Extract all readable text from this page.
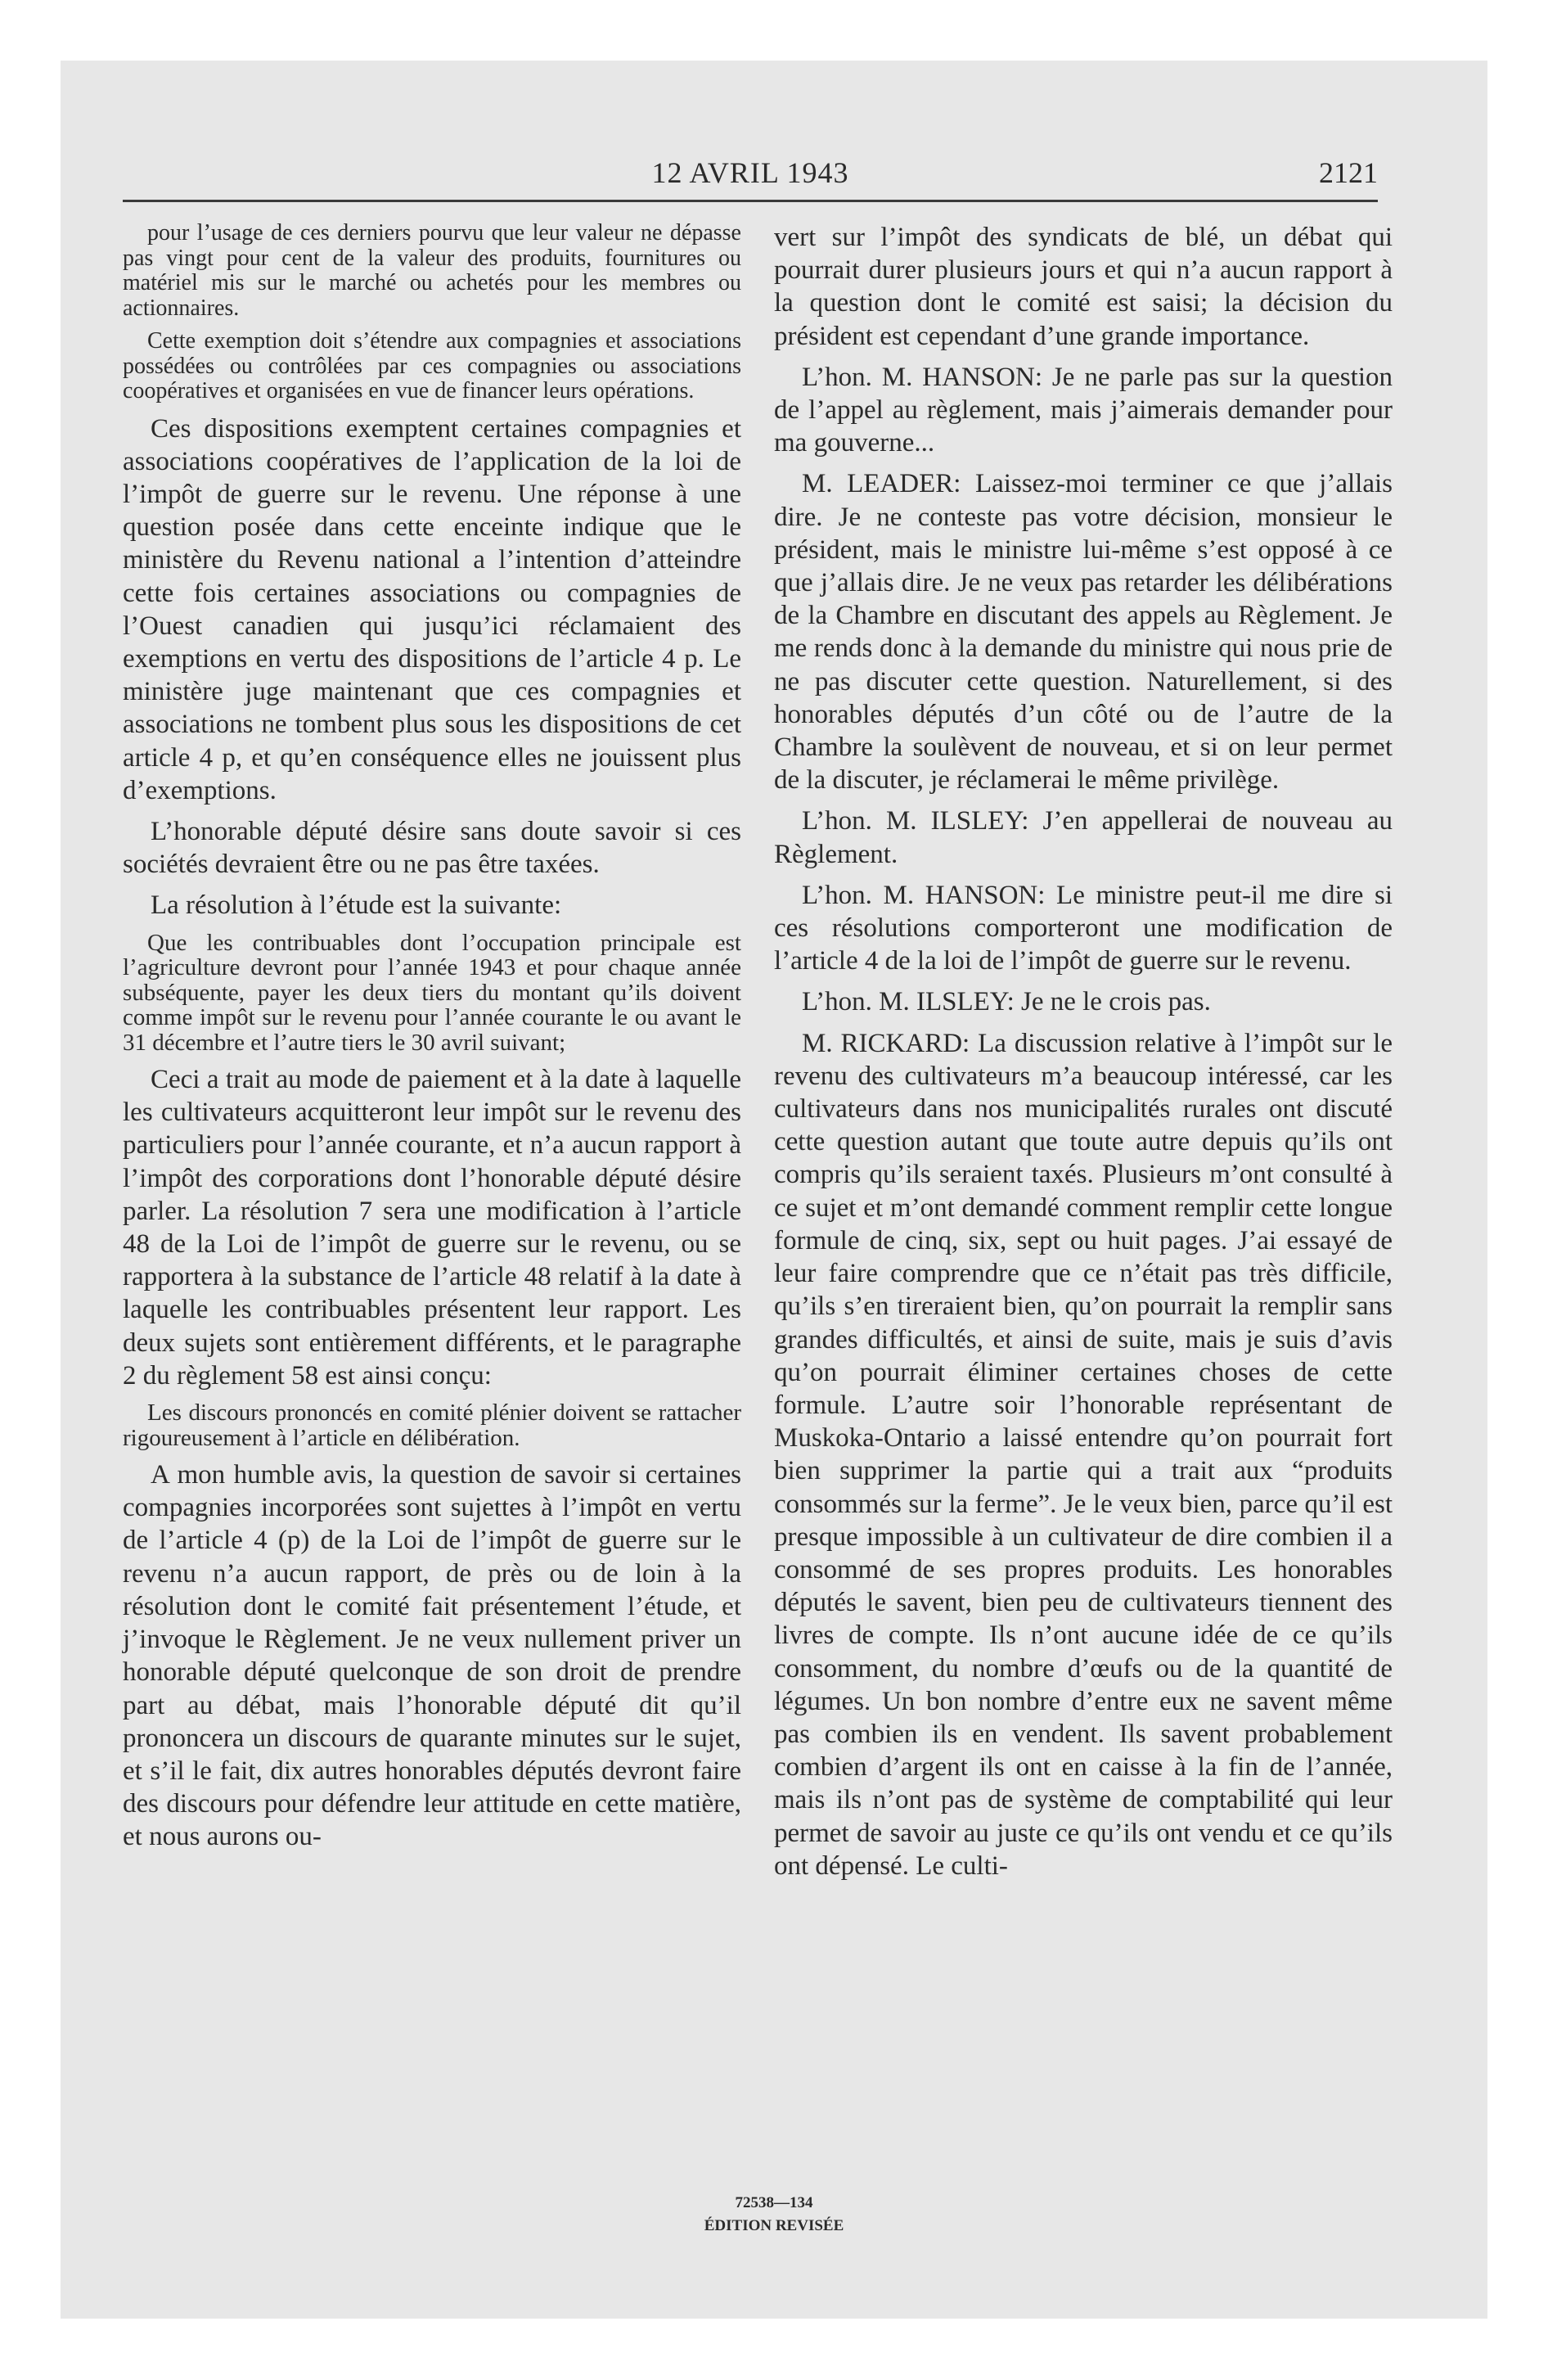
12 AVRIL 1943	2121

pour l’usage de ces derniers pourvu que leur valeur ne dépasse pas vingt pour cent de la valeur des produits, fournitures ou matériel mis sur le marché ou achetés pour les membres ou actionnaires.

Cette exemption doit s’étendre aux compagnies et associations possédées ou contrôlées par ces compagnies ou associations coopératives et organisées en vue de financer leurs opérations.

Ces dispositions exemptent certaines compagnies et associations coopératives de l’application de la loi de l’impôt de guerre sur le revenu. Une réponse à une question posée dans cette enceinte indique que le ministère du Revenu national a l’intention d’atteindre cette fois certaines associations ou compagnies de l’Ouest canadien qui jusqu’ici réclamaient des exemptions en vertu des dispositions de l’article 4 p. Le ministère juge maintenant que ces compagnies et associations ne tombent plus sous les dispositions de cet article 4 p, et qu’en conséquence elles ne jouissent plus d’exemptions.

L’honorable député désire sans doute savoir si ces sociétés devraient être ou ne pas être taxées.

La résolution à l’étude est la suivante:

Que les contribuables dont l’occupation principale est l’agriculture devront pour l’année 1943 et pour chaque année subséquente, payer les deux tiers du montant qu’ils doivent comme impôt sur le revenu pour l’année courante le ou avant le 31 décembre et l’autre tiers le 30 avril suivant;

Ceci a trait au mode de paiement et à la date à laquelle les cultivateurs acquitteront leur impôt sur le revenu des particuliers pour l’année courante, et n’a aucun rapport à l’impôt des corporations dont l’honorable député désire parler. La résolution 7 sera une modification à l’article 48 de la Loi de l’impôt de guerre sur le revenu, ou se rapportera à la substance de l’article 48 relatif à la date à laquelle les contribuables présentent leur rapport. Les deux sujets sont entièrement différents, et le paragraphe 2 du règlement 58 est ainsi conçu:

Les discours prononcés en comité plénier doivent se rattacher rigoureusement à l’article en délibération.

A mon humble avis, la question de savoir si certaines compagnies incorporées sont sujettes à l’impôt en vertu de l’article 4 (p) de la Loi de l’impôt de guerre sur le revenu n’a aucun rapport, de près ou de loin à la résolution dont le comité fait présentement l’étude, et j’invoque le Règlement. Je ne veux nullement priver un honorable député quelconque de son droit de prendre part au débat, mais l’honorable député dit qu’il prononcera un discours de quarante minutes sur le sujet, et s’il le fait, dix autres honorables députés devront faire des discours pour défendre leur attitude en cette matière, et nous aurons ou-

vert sur l’impôt des syndicats de blé, un débat qui pourrait durer plusieurs jours et qui n’a aucun rapport à la question dont le comité est saisi; la décision du président est cependant d’une grande importance.

L’hon. M. HANSON: Je ne parle pas sur la question de l’appel au règlement, mais j’aimerais demander pour ma gouverne...

M. LEADER: Laissez-moi terminer ce que j’allais dire. Je ne conteste pas votre décision, monsieur le président, mais le ministre lui-même s’est opposé à ce que j’allais dire. Je ne veux pas retarder les délibérations de la Chambre en discutant des appels au Règlement. Je me rends donc à la demande du ministre qui nous prie de ne pas discuter cette question. Naturellement, si des honorables députés d’un côté ou de l’autre de la Chambre la soulèvent de nouveau, et si on leur permet de la discuter, je réclamerai le même privilège.

L’hon. M. ILSLEY: J’en appellerai de nouveau au Règlement.

L’hon. M. HANSON: Le ministre peut-il me dire si ces résolutions comporteront une modification de l’article 4 de la loi de l’impôt de guerre sur le revenu.

L’hon. M. ILSLEY: Je ne le crois pas.

M. RICKARD: La discussion relative à l’impôt sur le revenu des cultivateurs m’a beaucoup intéressé, car les cultivateurs dans nos municipalités rurales ont discuté cette question autant que toute autre depuis qu’ils ont compris qu’ils seraient taxés. Plusieurs m’ont consulté à ce sujet et m’ont demandé comment remplir cette longue formule de cinq, six, sept ou huit pages. J’ai essayé de leur faire comprendre que ce n’était pas très difficile, qu’ils s’en tireraient bien, qu’on pourrait la remplir sans grandes difficultés, et ainsi de suite, mais je suis d’avis qu’on pourrait éliminer certaines choses de cette formule. L’autre soir l’honorable représentant de Muskoka-Ontario a laissé entendre qu’on pourrait fort bien supprimer la partie qui a trait aux “produits consommés sur la ferme”. Je le veux bien, parce qu’il est presque impossible à un cultivateur de dire combien il a consommé de ses propres produits. Les honorables députés le savent, bien peu de cultivateurs tiennent des livres de compte. Ils n’ont aucune idée de ce qu’ils consomment, du nombre d’œufs ou de la quantité de légumes. Un bon nombre d’entre eux ne savent même pas combien ils en vendent. Ils savent probablement combien d’argent ils ont en caisse à la fin de l’année, mais ils n’ont pas de système de comptabilité qui leur permet de savoir au juste ce qu’ils ont vendu et ce qu’ils ont dépensé. Le culti-

72538—134
ÉDITION REVISÉE
